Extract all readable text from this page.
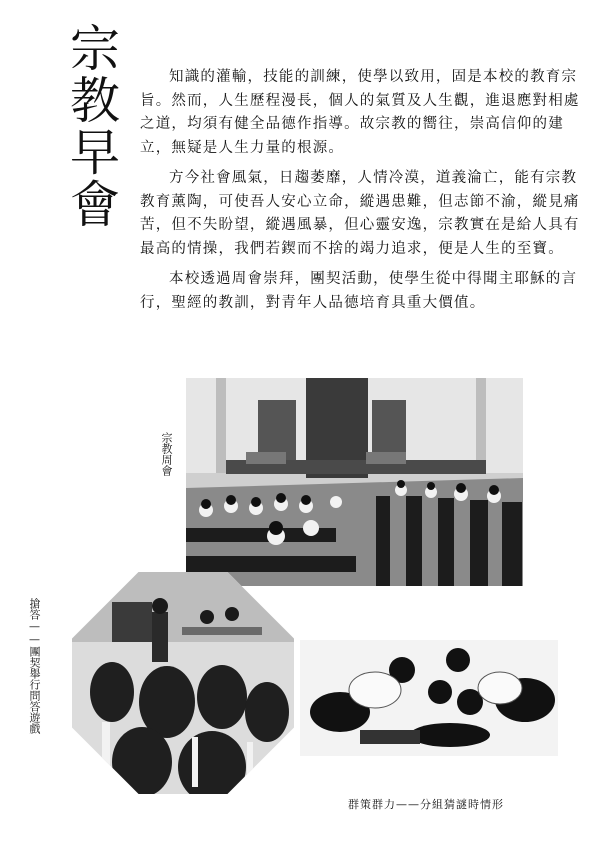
宗教早會	知識的灌輸，技能的訓練，使學以致用，固是本校的教育宗旨。然而，人生歷程漫長，個人的氣質及人生觀，進退應對相處之道，均須有健全品德作指導。故宗教的嚮往，崇高信仰的建立，無疑是人生力量的根源。

方今社會風氣，日趨萎靡，人情冷漠，道義淪亡，能有宗教教育薰陶，可使吾人安心立命，縱遇患難，但志節不渝，縱見痛苦，但不失盼望，縱遇風暴，但心靈安逸，宗教實在是給人具有最高的情操，我們若鍥而不捨的竭力追求，便是人生的至寶。

本校透過周會崇拜，團契活動，使學生從中得聞主耶穌的言行，聖經的教訓，對青年人品德培育具重大價值。

宗教周會

搶答——團契舉行問答遊戲

群策群力——分組猜謎時情形
